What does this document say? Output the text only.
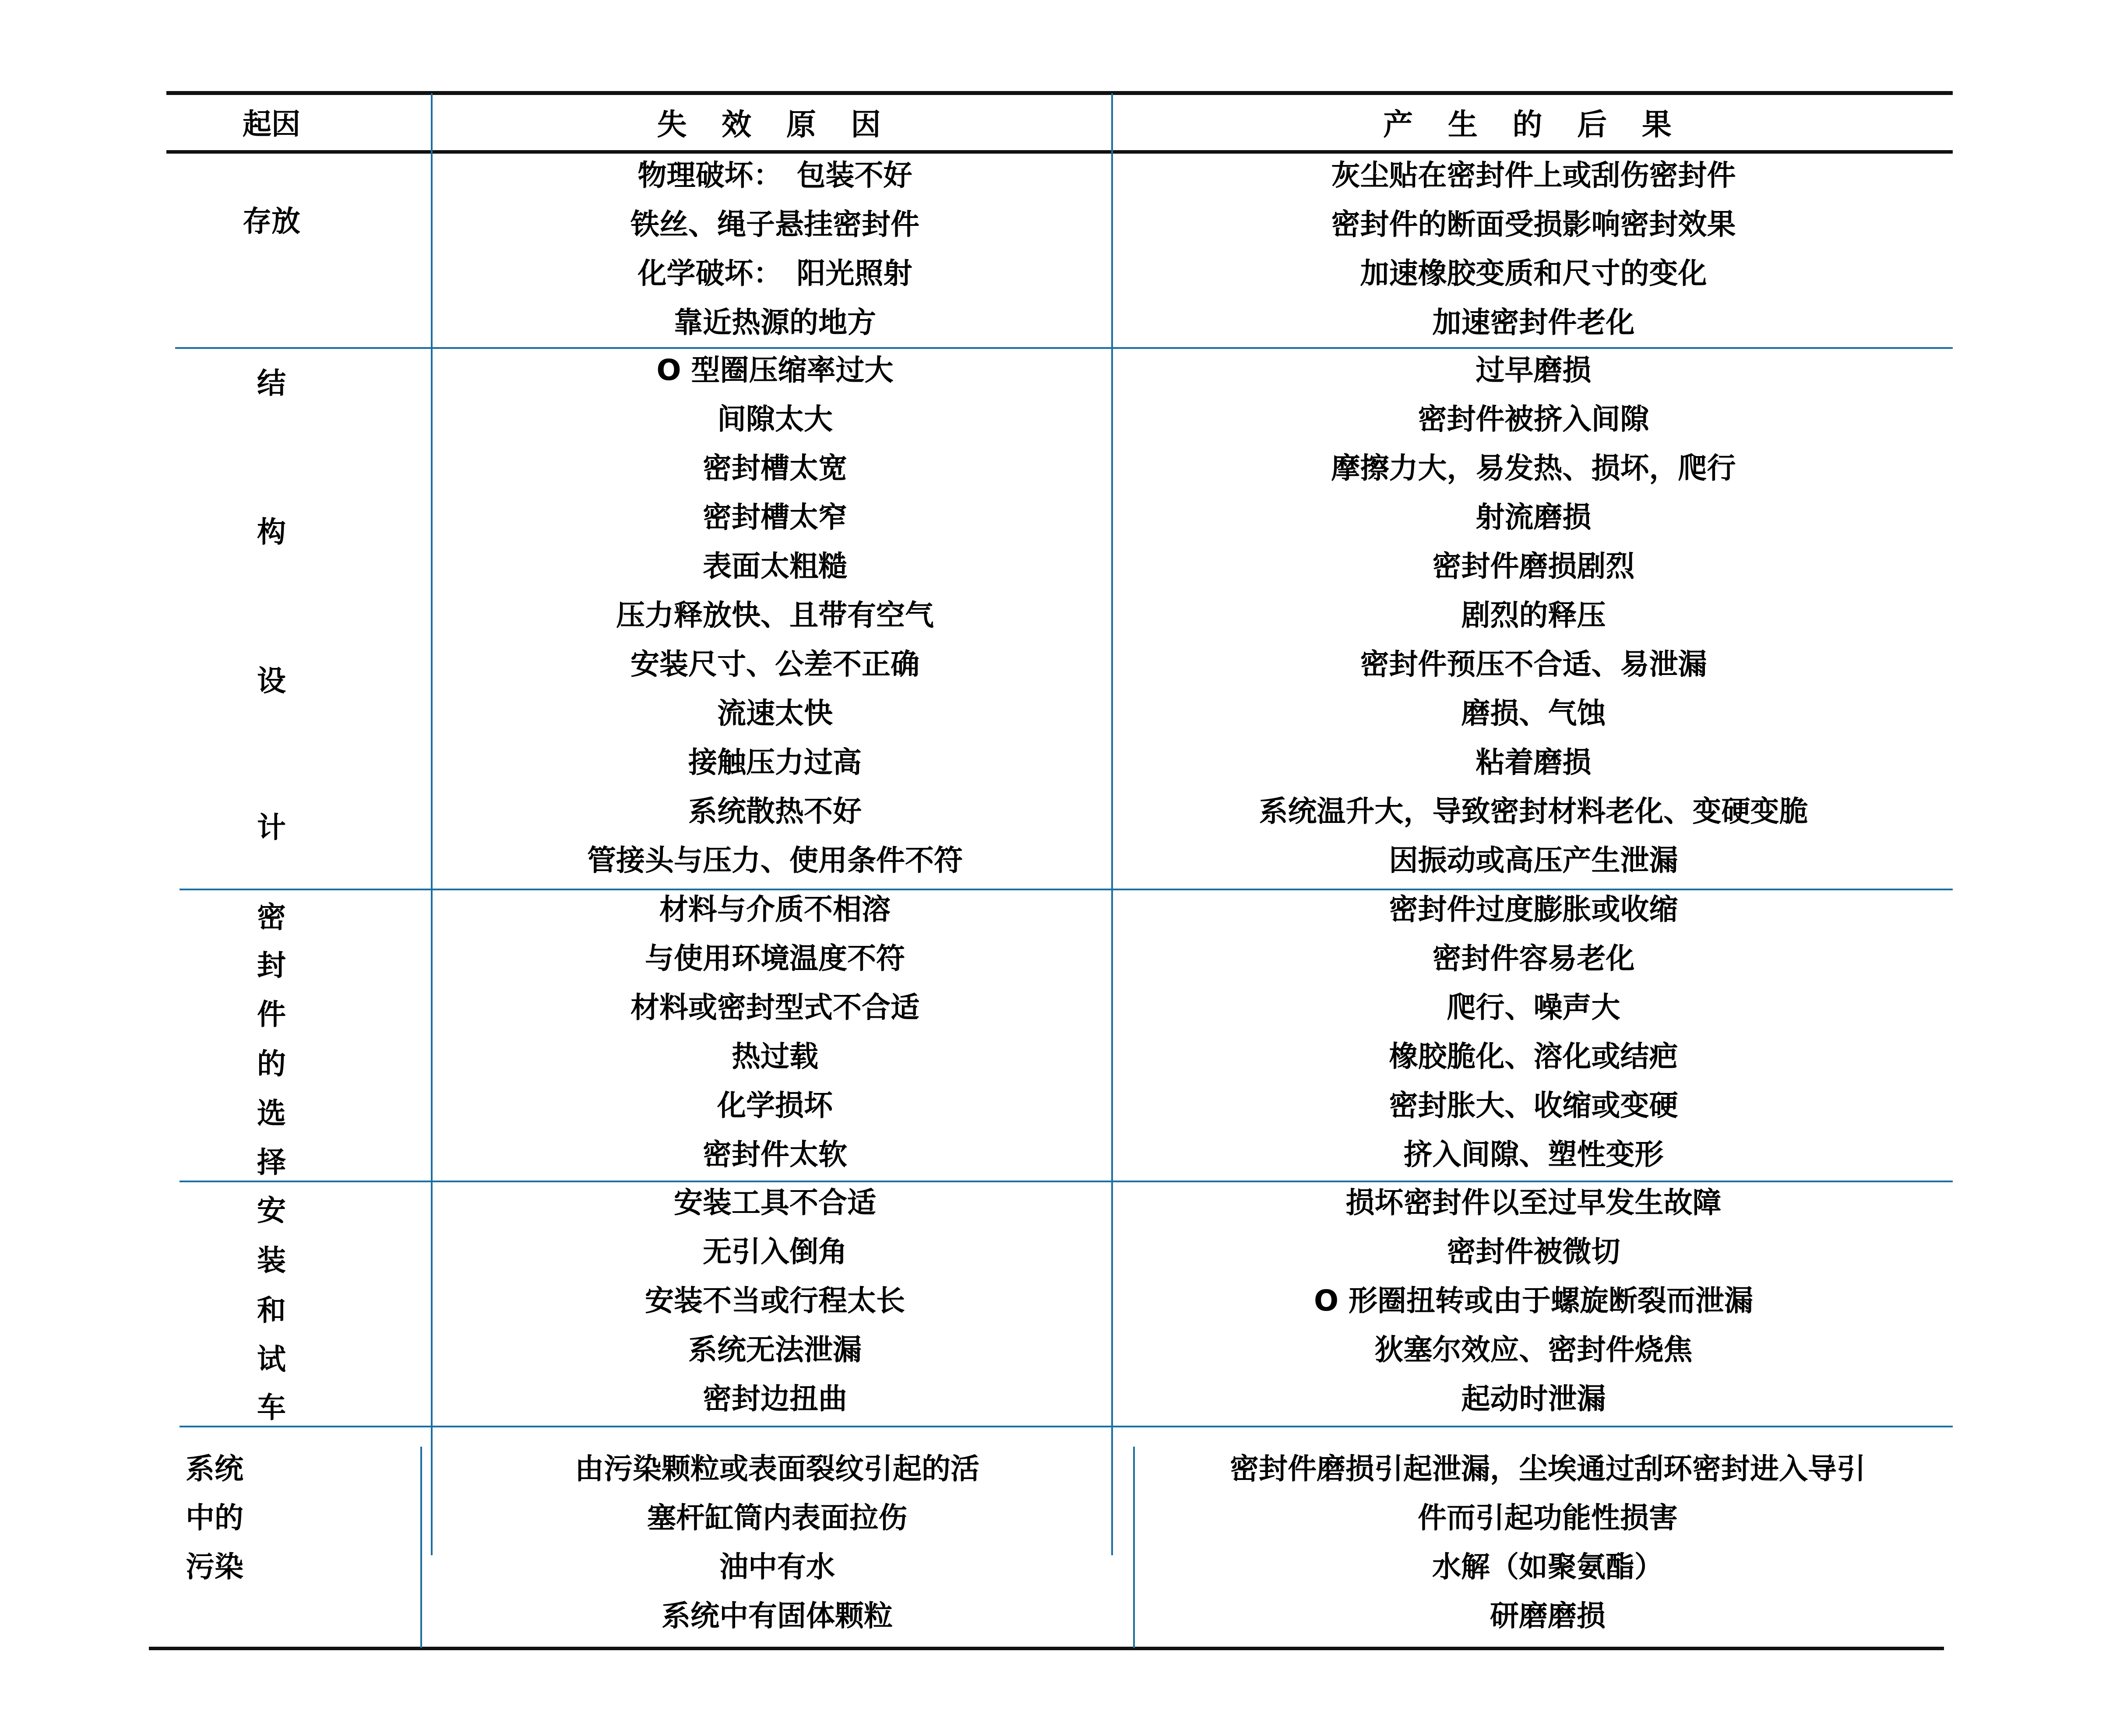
起因	失 效 原 因	产 生 的 后 果
存放
物理破坏：　包装不好	灰尘贴在密封件上或刮伤密封件
铁丝、绳子悬挂密封件	密封件的断面受损影响密封效果
化学破坏：　阳光照射	加速橡胶变质和尺寸的变化
靠近热源的地方	加速密封件老化
结
构
设
计
O 型圈压缩率过大	过早磨损
间隙太大	密封件被挤入间隙
密封槽太宽	摩擦力大，易发热、损坏，爬行
密封槽太窄	射流磨损
表面太粗糙	密封件磨损剧烈
压力释放快、且带有空气	剧烈的释压
安装尺寸、公差不正确	密封件预压不合适、易泄漏
流速太快	磨损、气蚀
接触压力过高	粘着磨损
系统散热不好	系统温升大，导致密封材料老化、变硬变脆
管接头与压力、使用条件不符	因振动或高压产生泄漏
密
封
件
的
选
择
材料与介质不相溶	密封件过度膨胀或收缩
与使用环境温度不符	密封件容易老化
材料或密封型式不合适	爬行、噪声大
热过载	橡胶脆化、溶化或结疤
化学损坏	密封胀大、收缩或变硬
密封件太软	挤入间隙、塑性变形
安
装
和
试
车
安装工具不合适	损坏密封件以至过早发生故障
无引入倒角	密封件被微切
安装不当或行程太长	O 形圈扭转或由于螺旋断裂而泄漏
系统无法泄漏	狄塞尔效应、密封件烧焦
密封边扭曲	起动时泄漏
系统
中的
污染
由污染颗粒或表面裂纹引起的活	密封件磨损引起泄漏，尘埃通过刮环密封进入导引
塞杆缸筒内表面拉伤	件而引起功能性损害
油中有水	水解（如聚氨酯）
系统中有固体颗粒	研磨磨损
